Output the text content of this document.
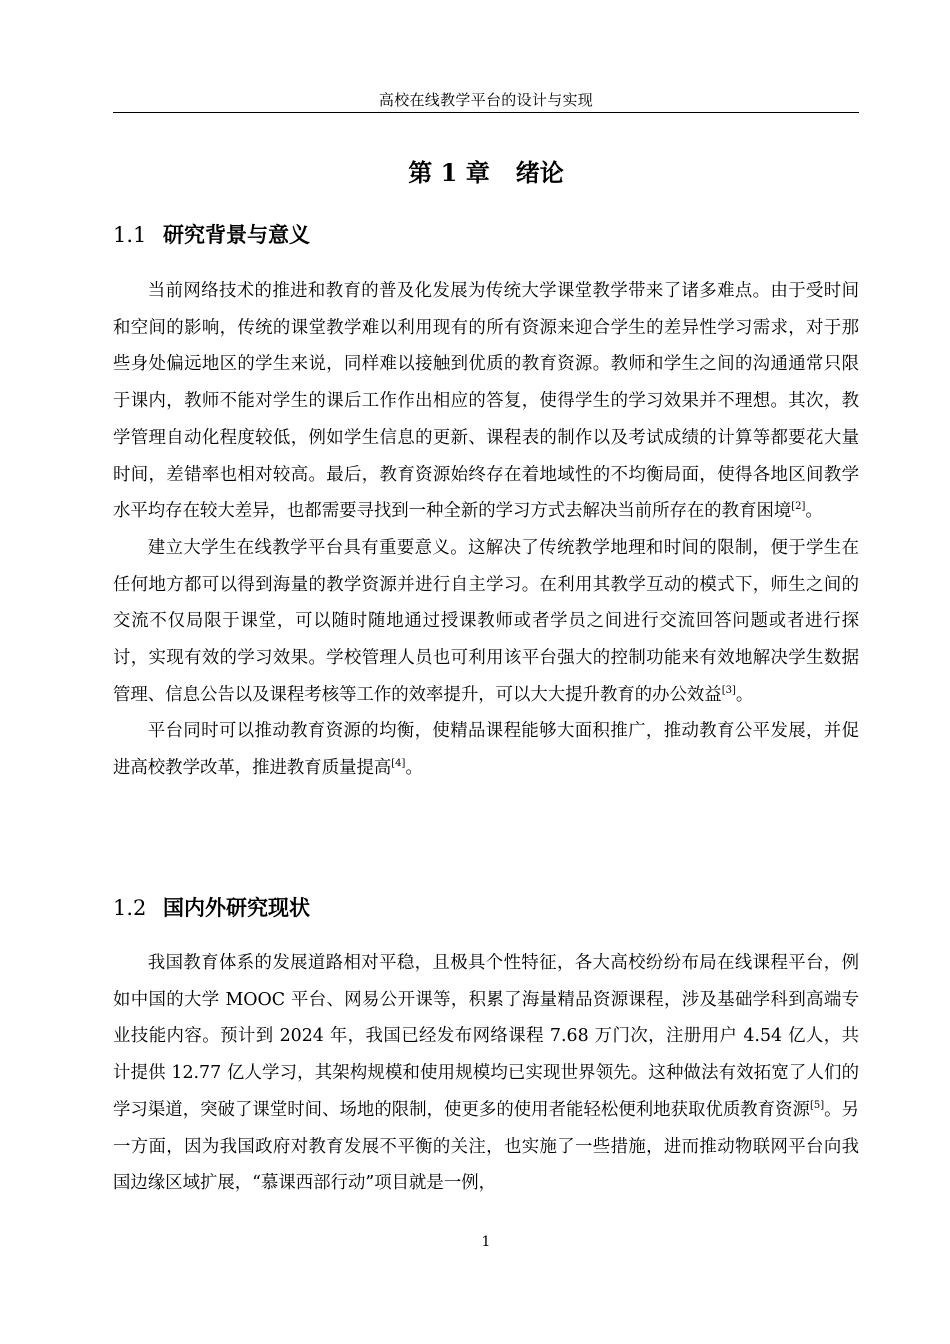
高校在线教学平台的设计与实现
第 1 章 绪论
1.1 研究背景与意义

当前网络技术的推进和教育的普及化发展为传统大学课堂教学带来了诸多难点。由于受时间和空间的影响，传统的课堂教学难以利用现有的所有资源来迎合学生的差异性学习需求，对于那些身处偏远地区的学生来说，同样难以接触到优质的教育资源。教师和学生之间的沟通通常只限于课内，教师不能对学生的课后工作作出相应的答复，使得学生的学习效果并不理想。其次，教学管理自动化程度较低，例如学生信息的更新、课程表的制作以及考试成绩的计算等都要花大量时间，差错率也相对较高。最后，教育资源始终存在着地域性的不均衡局面，使得各地区间教学水平均存在较大差异，也都需要寻找到一种全新的学习方式去解决当前所存在的教育困境[2]。

建立大学生在线教学平台具有重要意义。这解决了传统教学地理和时间的限制，便于学生在任何地方都可以得到海量的教学资源并进行自主学习。在利用其教学互动的模式下，师生之间的交流不仅局限于课堂，可以随时随地通过授课教师或者学员之间进行交流回答问题或者进行探讨，实现有效的学习效果。学校管理人员也可利用该平台强大的控制功能来有效地解决学生数据管理、信息公告以及课程考核等工作的效率提升，可以大大提升教育的办公效益[3]。

平台同时可以推动教育资源的均衡，使精品课程能够大面积推广，推动教育公平发展，并促进高校教学改革，推进教育质量提高[4]。

1.2 国内外研究现状

我国教育体系的发展道路相对平稳，且极具个性特征，各大高校纷纷布局在线课程平台，例如中国的大学 MOOC 平台、网易公开课等，积累了海量精品资源课程，涉及基础学科到高端专业技能内容。预计到 2024 年，我国已经发布网络课程 7.68 万门次，注册用户 4.54 亿人，共计提供 12.77 亿人学习，其架构规模和使用规模均已实现世界领先。这种做法有效拓宽了人们的学习渠道，突破了课堂时间、场地的限制，使更多的使用者能轻松便利地获取优质教育资源[5]。另一方面，因为我国政府对教育发展不平衡的关注，也实施了一些措施，进而推动物联网平台向我国边缘区域扩展，“慕课西部行动”项目就是一例，

1
